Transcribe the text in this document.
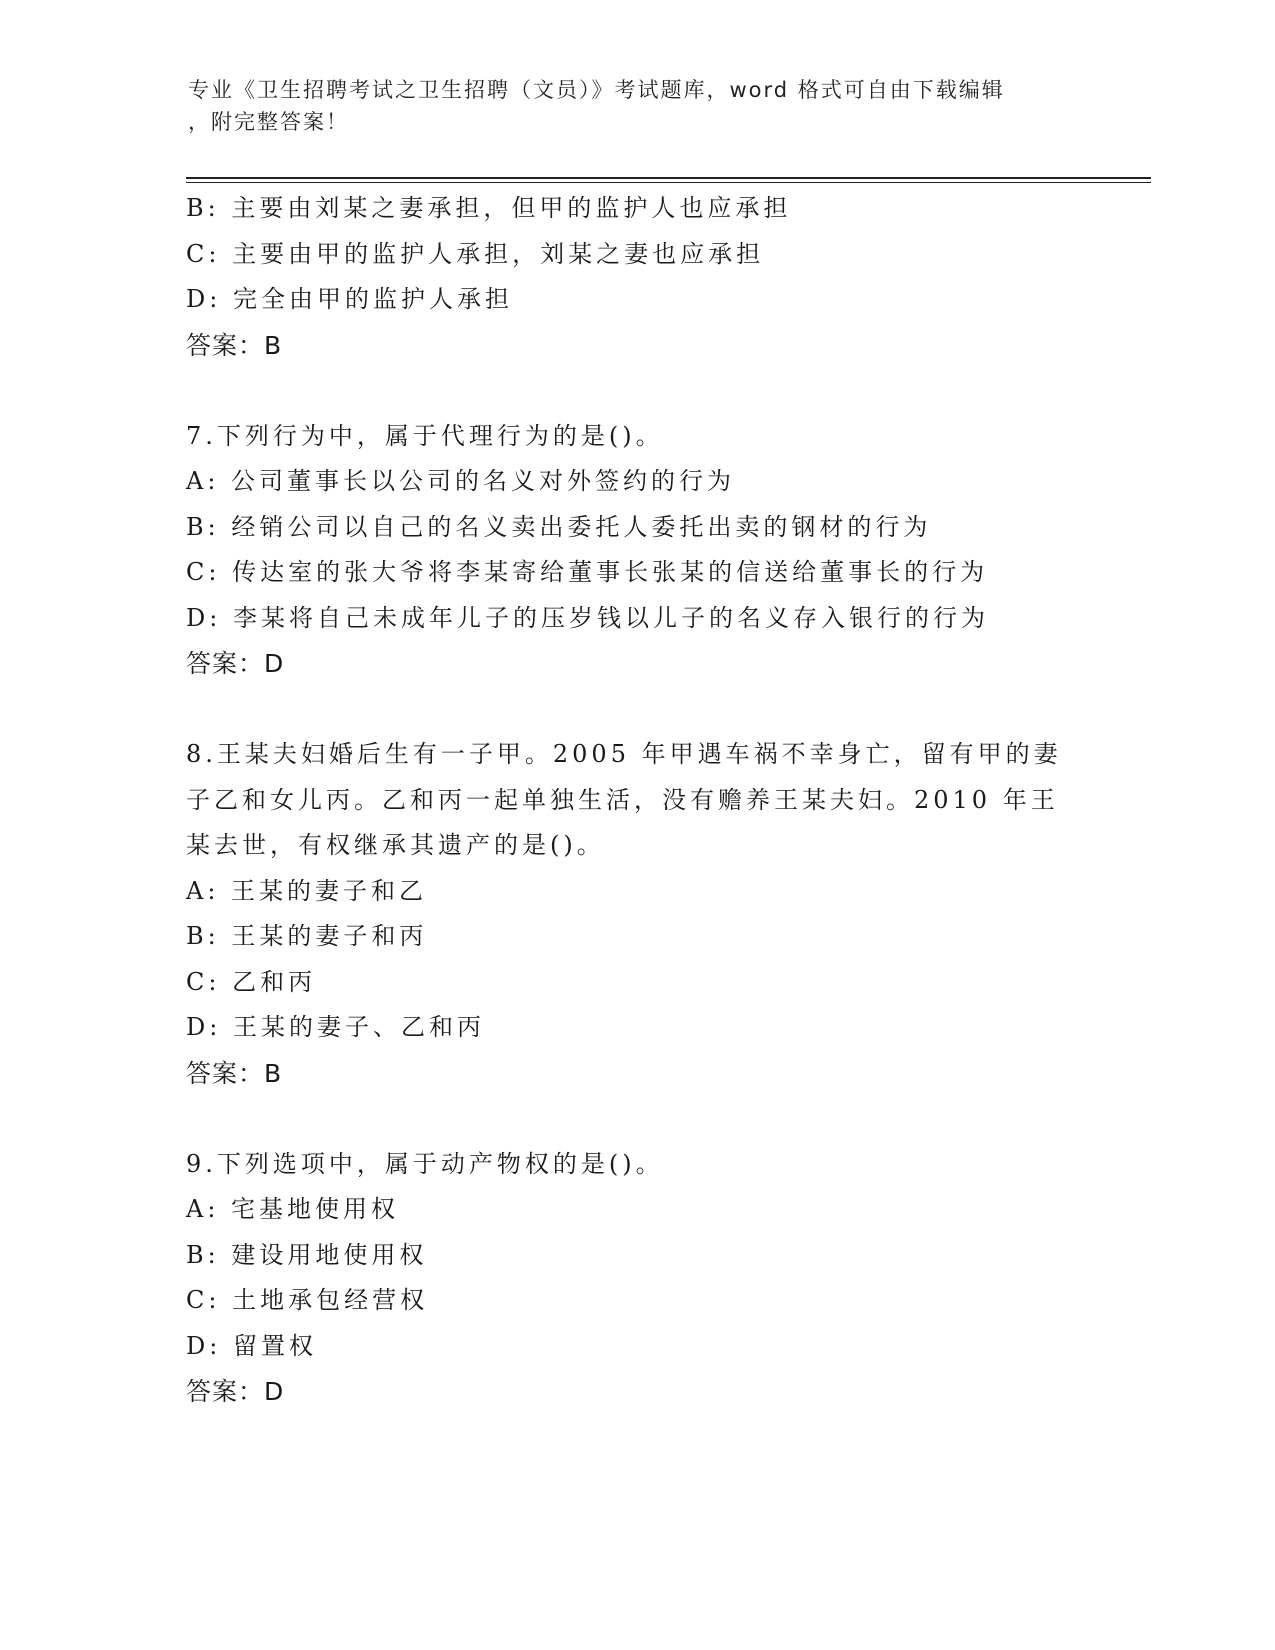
专业《卫生招聘考试之卫生招聘（文员）》考试题库，word 格式可自由下载编辑
，附完整答案！
B: 主要由刘某之妻承担，但甲的监护人也应承担
C: 主要由甲的监护人承担，刘某之妻也应承担
D: 完全由甲的监护人承担
答案：B
7.下列行为中，属于代理行为的是()。
A: 公司董事长以公司的名义对外签约的行为
B: 经销公司以自己的名义卖出委托人委托出卖的钢材的行为
C: 传达室的张大爷将李某寄给董事长张某的信送给董事长的行为
D: 李某将自己未成年儿子的压岁钱以儿子的名义存入银行的行为
答案：D
8.王某夫妇婚后生有一子甲。2005 年甲遇车祸不幸身亡，留有甲的妻
子乙和女儿丙。乙和丙一起单独生活，没有赡养王某夫妇。2010 年王
某去世，有权继承其遗产的是()。
A: 王某的妻子和乙
B: 王某的妻子和丙
C: 乙和丙
D: 王某的妻子、乙和丙
答案：B
9.下列选项中，属于动产物权的是()。
A: 宅基地使用权
B: 建设用地使用权
C: 土地承包经营权
D: 留置权
答案：D
